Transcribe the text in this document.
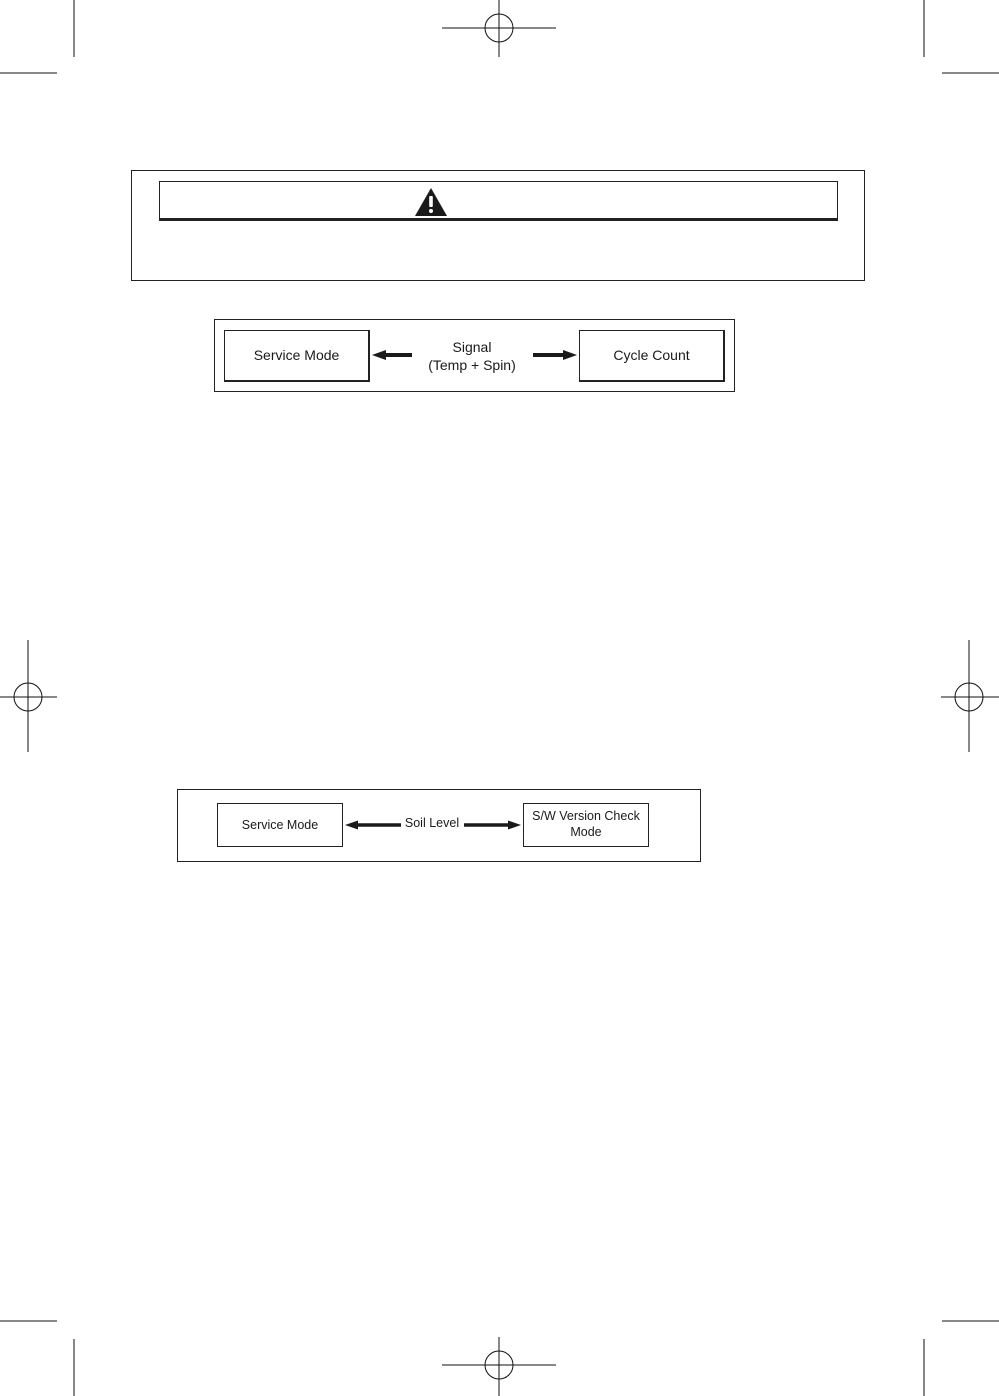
Service Mode
Signal
(Temp + Spin)
Cycle Count
Service Mode	Soil Level	S/W Version Check
Mode
